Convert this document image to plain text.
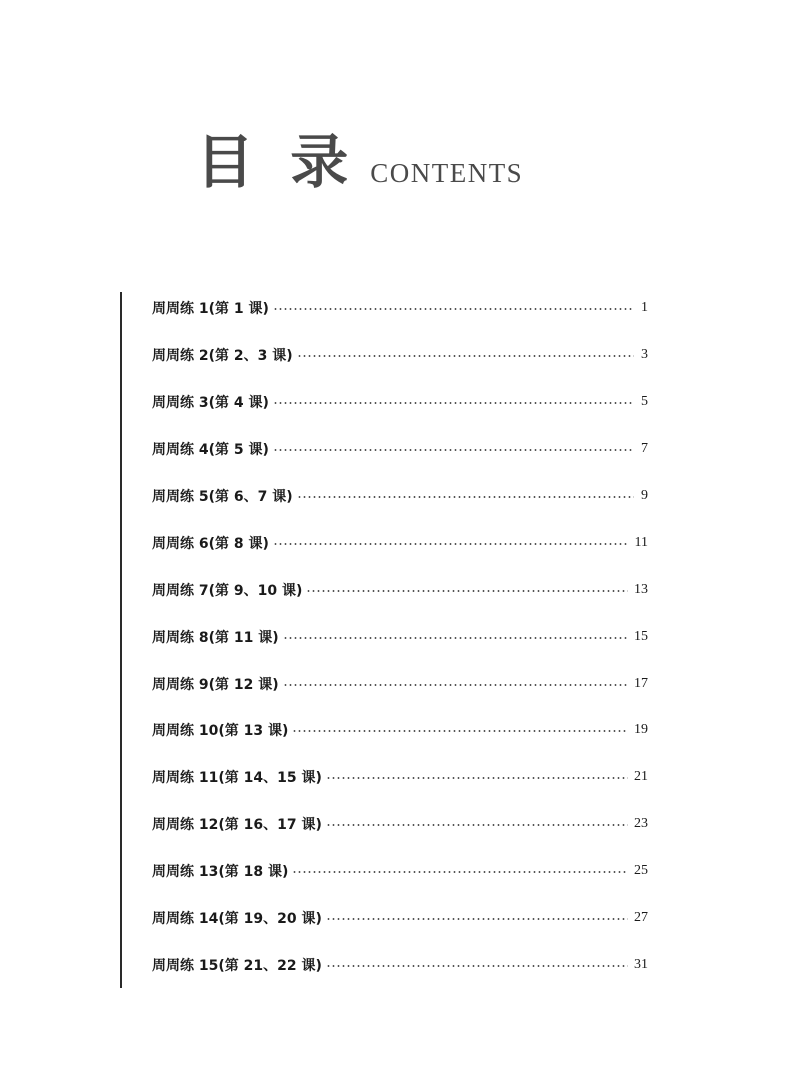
目 录 CONTENTS
周周练 1(第 1 课)	1
周周练 2(第 2、3 课)	3
周周练 3(第 4 课)	5
周周练 4(第 5 课)	7
周周练 5(第 6、7 课)	9
周周练 6(第 8 课)	11
周周练 7(第 9、10 课)	13
周周练 8(第 11 课)	15
周周练 9(第 12 课)	17
周周练 10(第 13 课)	19
周周练 11(第 14、15 课)	21
周周练 12(第 16、17 课)	23
周周练 13(第 18 课)	25
周周练 14(第 19、20 课)	27
周周练 15(第 21、22 课)	31
